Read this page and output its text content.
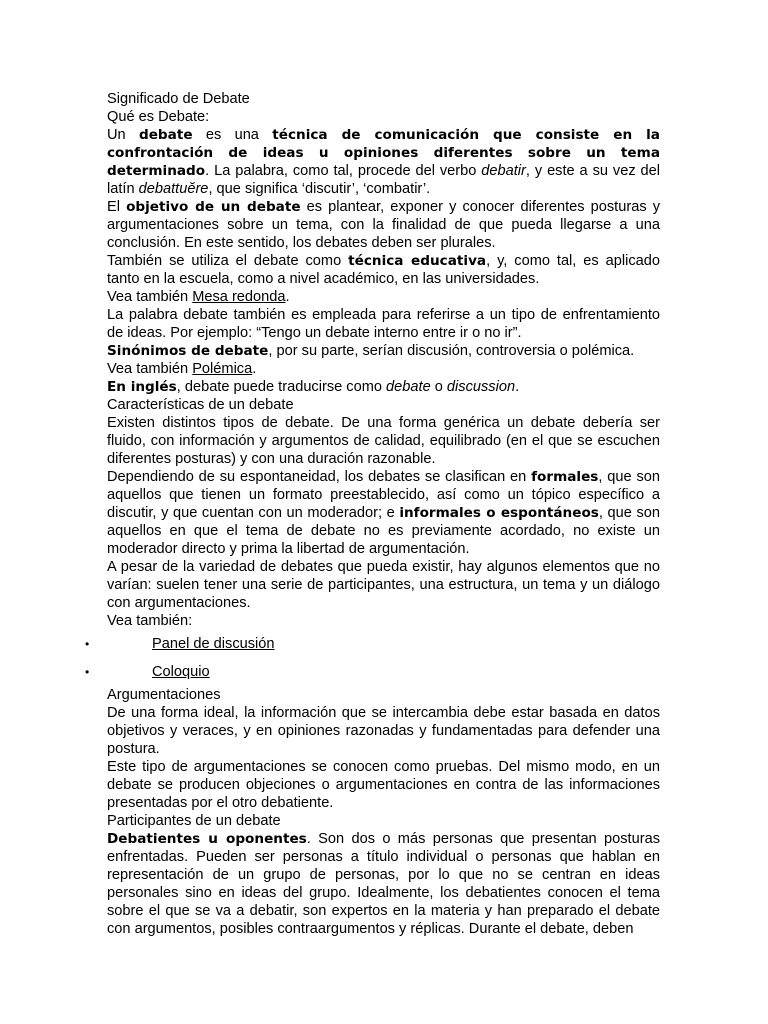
Significado de Debate

Qué es Debate:

Un debate es una técnica de comunicación que consiste en la confrontación de ideas u opiniones diferentes sobre un tema determinado. La palabra, como tal, procede del verbo debatir, y este a su vez del latín debattuĕre, que significa ‘discutir’, ‘combatir’.

El objetivo de un debate es plantear, exponer y conocer diferentes posturas y argumentaciones sobre un tema, con la finalidad de que pueda llegarse a una conclusión. En este sentido, los debates deben ser plurales.

También se utiliza el debate como técnica educativa, y, como tal, es aplicado tanto en la escuela, como a nivel académico, en las universidades.

Vea también Mesa redonda.

La palabra debate también es empleada para referirse a un tipo de enfrentamiento de ideas. Por ejemplo: “Tengo un debate interno entre ir o no ir”.

Sinónimos de debate, por su parte, serían discusión, controversia o polémica.

Vea también Polémica.

En inglés, debate puede traducirse como debate o discussion.

Características de un debate

Existen distintos tipos de debate. De una forma genérica un debate debería ser fluido, con información y argumentos de calidad, equilibrado (en el que se escuchen diferentes posturas) y con una duración razonable.

Dependiendo de su espontaneidad, los debates se clasifican en formales, que son aquellos que tienen un formato preestablecido, así como un tópico específico a discutir, y que cuentan con un moderador; e informales o espontáneos, que son aquellos en que el tema de debate no es previamente acordado, no existe un moderador directo y prima la libertad de argumentación.

A pesar de la variedad de debates que pueda existir, hay algunos elementos que no varían: suelen tener una serie de participantes, una estructura, un tema y un diálogo con argumentaciones.

Vea también:

•	Panel de discusión
•	Coloquio

Argumentaciones

De una forma ideal, la información que se intercambia debe estar basada en datos objetivos y veraces, y en opiniones razonadas y fundamentadas para defender una postura.

Este tipo de argumentaciones se conocen como pruebas. Del mismo modo, en un debate se producen objeciones o argumentaciones en contra de las informaciones presentadas por el otro debatiente.

Participantes de un debate

Debatientes u oponentes. Son dos o más personas que presentan posturas enfrentadas. Pueden ser personas a título individual o personas que hablan en representación de un grupo de personas, por lo que no se centran en ideas personales sino en ideas del grupo. Idealmente, los debatientes conocen el tema sobre el que se va a debatir, son expertos en la materia y han preparado el debate con argumentos, posibles contraargumentos y réplicas. Durante el debate, deben
